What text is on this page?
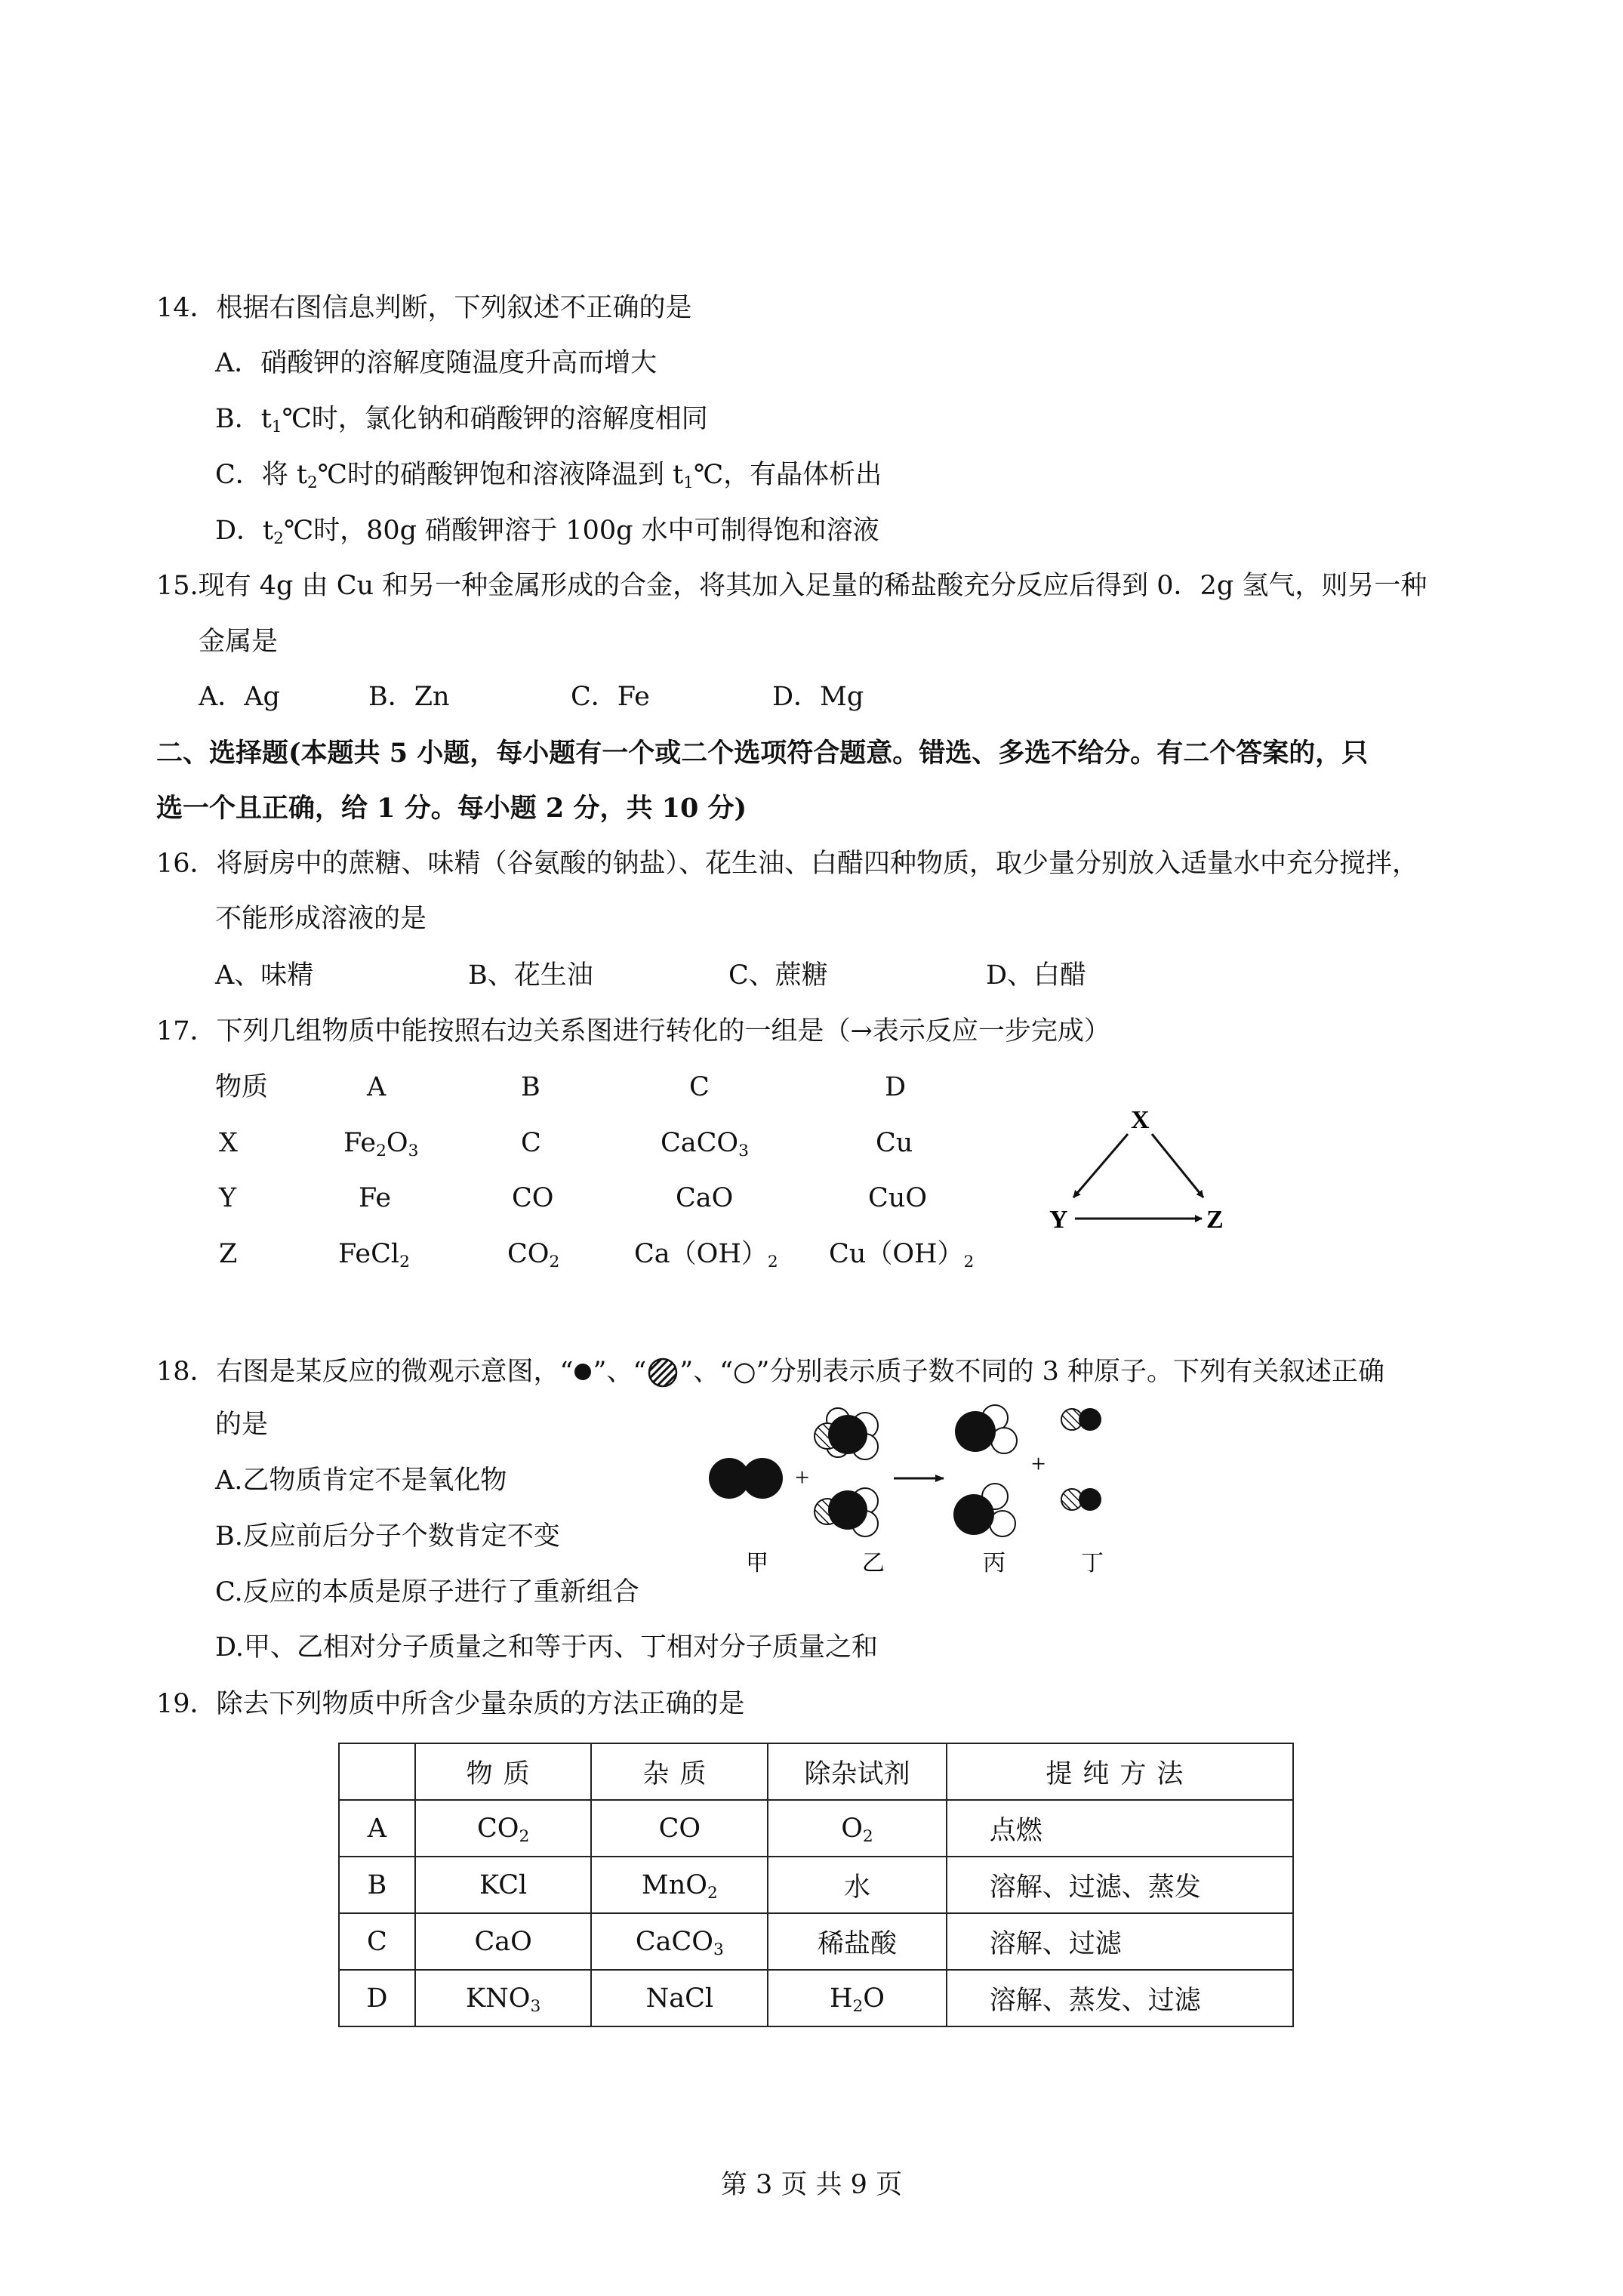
14．根据右图信息判断，下列叙述不正确的是
A．硝酸钾的溶解度随温度升高而增大
B．$t_1℃$时，氯化钠和硝酸钾的溶解度相同
C．将 $t_2℃$时的硝酸钾饱和溶液降温到 $t_1℃$，有晶体析出
D．$t_2℃$时，80g 硝酸钾溶于 100g 水中可制得饱和溶液
15.现有 4g 由 Cu 和另一种金属形成的合金，将其加入足量的稀盐酸充分反应后得到 0．2g 氢气，则另一种
金属是
A．Ag	B．Zn	C．Fe	D．Mg
二、选择题(本题共 5 小题，每小题有一个或二个选项符合题意。错选、多选不给分。有二个答案的，只
选一个且正确，给 1 分。每小题 2 分，共 10 分)
16．将厨房中的蔗糖、味精（谷氨酸的钠盐）、花生油、白醋四种物质，取少量分别放入适量水中充分搅拌，
不能形成溶液的是
A、味精	B、花生油	C、蔗糖	D、白醋
17．下列几组物质中能按照右边关系图进行转化的一组是（→表示反应一步完成）
物质	A	B	C	D
X	$Fe_2O_3$	C	CaCO$_3$	Cu
Y	Fe	CO	CaO	CuO
Z	FeCl$_2$	$CO_2$	$Ca(OH)_2$ $Cu(OH)_2$
X
Y	Z
18．右图是某反应的微观示意图，“ ”、“ ”、“○”分别表示质子数不同的 3 种原子。下列有关叙述正确
的是
A.乙物质肯定不是氧化物
B.反应前后分子个数肯定不变
C.反应的本质是原子进行了重新组合
D.甲、乙相对分子质量之和等于丙、丁相对分子质量之和
+	+
甲	乙	丙	丁
19．除去下列物质中所含少量杂质的方法正确的是
	物质	杂质	除杂试剂	提纯方法
A	$CO_2$	CO	$O_2$	点燃
B	KCl	MnO$_2$	水	溶解、过滤、蒸发
C	CaO	CaCO$_3$	稀盐酸	溶解、过滤
D	$KNO_3$	NaCl	$H_2O$	溶解、蒸发、过滤
第 3 页 共 9 页
